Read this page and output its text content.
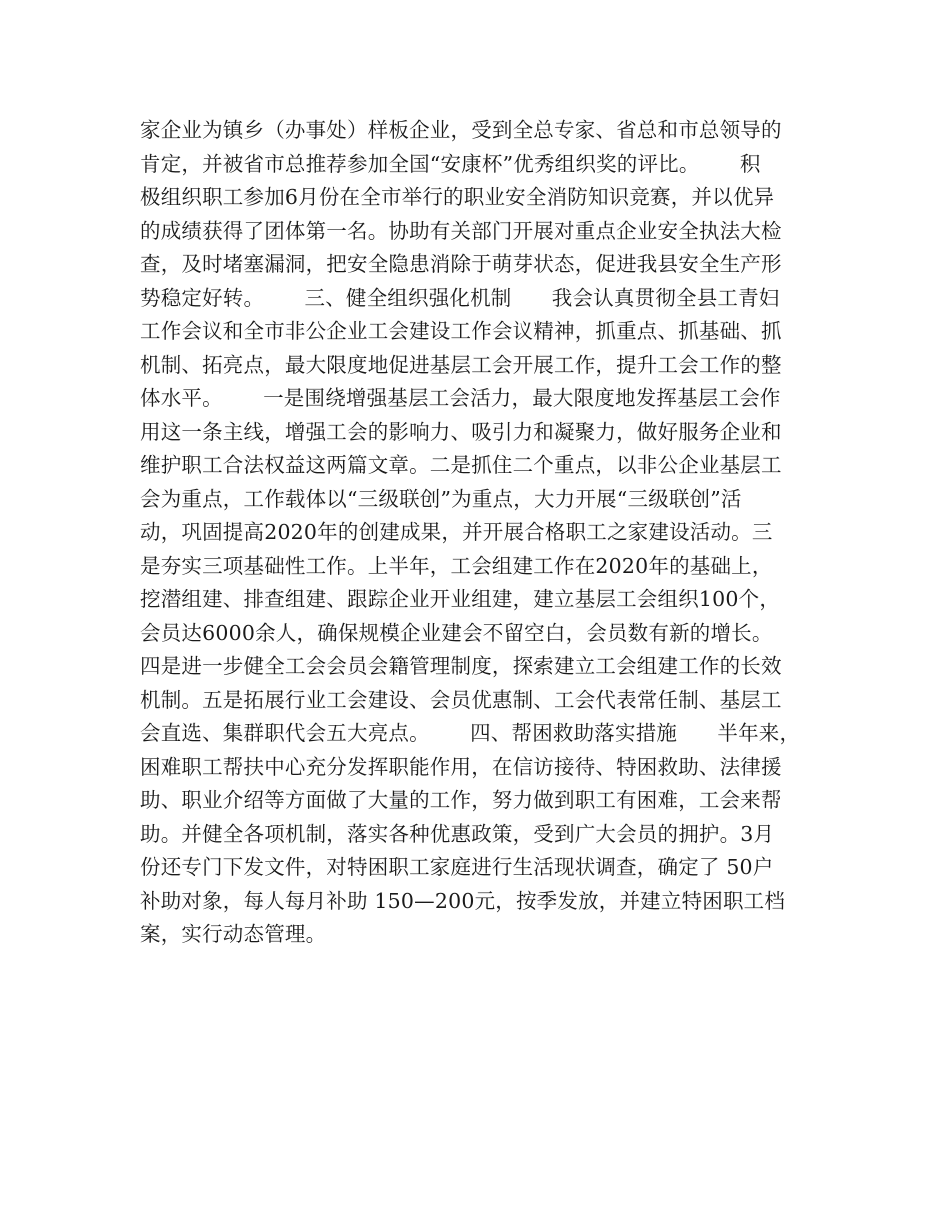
家企业为镇乡（办事处）样板企业，受到全总专家、省总和市总领导的
肯定，并被省市总推荐参加全国“安康杯”优秀组织奖的评比。      积
极组织职工参加6月份在全市举行的职业安全消防知识竞赛，并以优异
的成绩获得了团体第一名。协助有关部门开展对重点企业安全执法大检
查，及时堵塞漏洞，把安全隐患消除于萌芽状态，促进我县安全生产形
势稳定好转。      三、健全组织强化机制      我会认真贯彻全县工青妇
工作会议和全市非公企业工会建设工作会议精神，抓重点、抓基础、抓
机制、拓亮点，最大限度地促进基层工会开展工作，提升工会工作的整
体水平。      一是围绕增强基层工会活力，最大限度地发挥基层工会作
用这一条主线，增强工会的影响力、吸引力和凝聚力，做好服务企业和
维护职工合法权益这两篇文章。二是抓住二个重点，以非公企业基层工
会为重点，工作载体以“三级联创”为重点，大力开展“三级联创”活
动，巩固提高2020年的创建成果，并开展合格职工之家建设活动。三
是夯实三项基础性工作。上半年，工会组建工作在2020年的基础上，
挖潜组建、排查组建、跟踪企业开业组建，建立基层工会组织100个，
会员达6000余人，确保规模企业建会不留空白，会员数有新的增长。
四是进一步健全工会会员会籍管理制度，探索建立工会组建工作的长效
机制。五是拓展行业工会建设、会员优惠制、工会代表常任制、基层工
会直选、集群职代会五大亮点。      四、帮困救助落实措施      半年来，
困难职工帮扶中心充分发挥职能作用，在信访接待、特困救助、法律援
助、职业介绍等方面做了大量的工作，努力做到职工有困难，工会来帮
助。并健全各项机制，落实各种优惠政策，受到广大会员的拥护。3月
份还专门下发文件，对特困职工家庭进行生活现状调查，确定了 50户
补助对象，每人每月补助 150—200元，按季发放，并建立特困职工档
案，实行动态管理。
